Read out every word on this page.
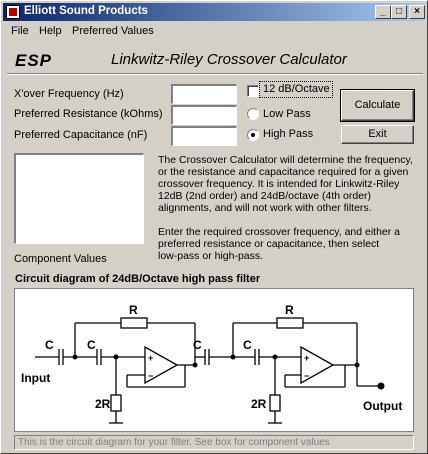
Elliott Sound Products	_	□	×
File Help Preferred Values
ESP	Linkwitz-Riley Crossover Calculator
X'over Frequency (Hz)
Preferred Resistance (kOhms)
Preferred Capacitance (nF)
12 dB/Octave
Low Pass
High Pass
Calculate
Exit
Component Values
The Crossover Calculator will determine the frequency,
or the resistance and capacitance required for a given
crossover frequency. It is intended for Linkwitz-Riley
12dB (2nd order) and 24dB/octave (4th order)
alignments, and will not work with other filters.
Enter the required crossover frequency, and either a
preferred resistance or capacitance, then select
low-pass or high-pass.
Circuit diagram of 24dB/Octave high pass filter
C	C	C	C
R	R
2R	2R
Input
Output
+
−
+
−
This is the circuit diagram for your filter. See box for component values
